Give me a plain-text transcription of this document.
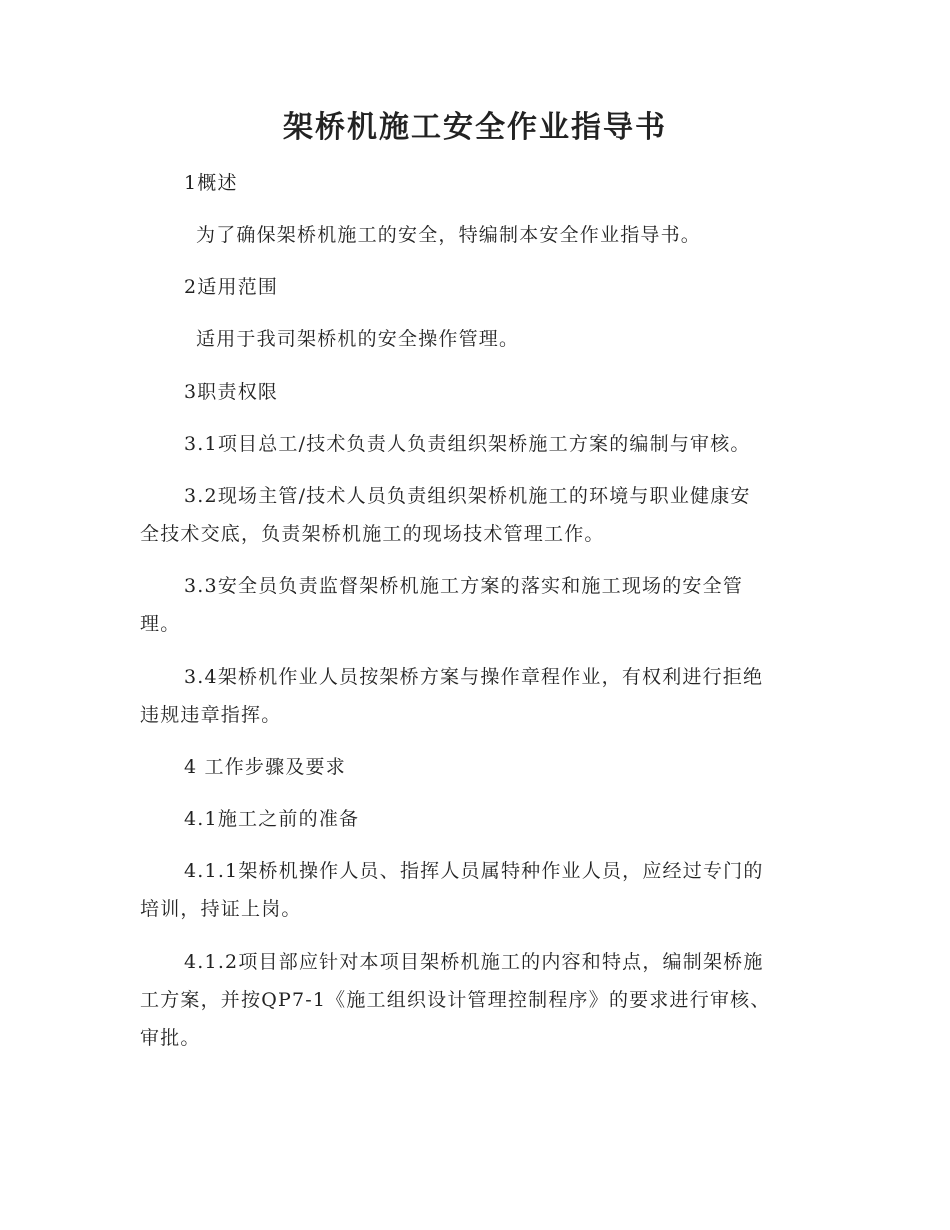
架桥机施工安全作业指导书
1概述
为了确保架桥机施工的安全，特编制本安全作业指导书。
2适用范围
适用于我司架桥机的安全操作管理。
3职责权限
3.1项目总工/技术负责人负责组织架桥施工方案的编制与审核。
3.2现场主管/技术人员负责组织架桥机施工的环境与职业健康安
全技术交底，负责架桥机施工的现场技术管理工作。
3.3安全员负责监督架桥机施工方案的落实和施工现场的安全管
理。
3.4架桥机作业人员按架桥方案与操作章程作业，有权利进行拒绝
违规违章指挥。
4 工作步骤及要求
4.1施工之前的准备
4.1.1架桥机操作人员、指挥人员属特种作业人员，应经过专门的
培训，持证上岗。
4.1.2项目部应针对本项目架桥机施工的内容和特点，编制架桥施
工方案，并按QP7-1《施工组织设计管理控制程序》的要求进行审核、
审批。
